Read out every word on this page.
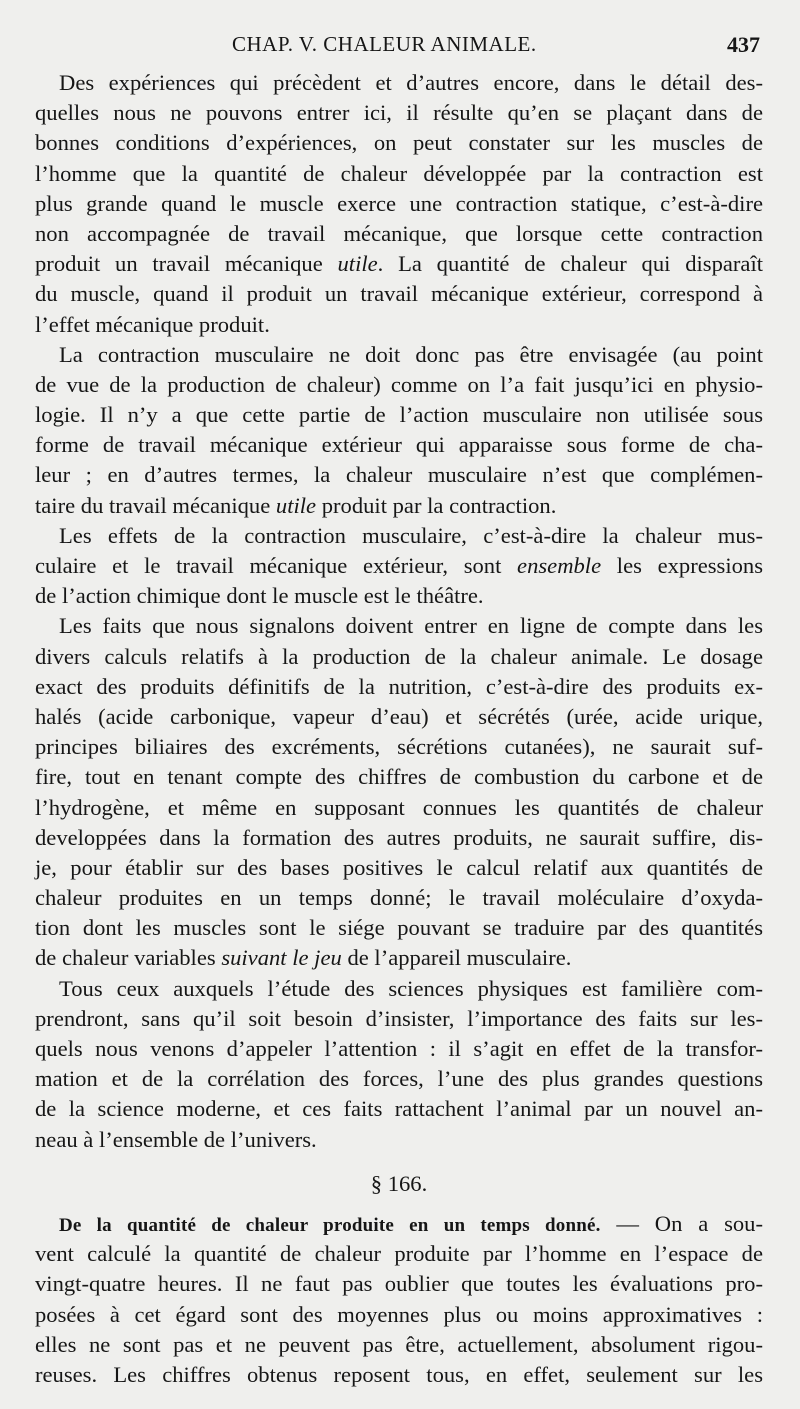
CHAP. V. CHALEUR ANIMALE.	437
Des expériences qui précèdent et d’autres encore, dans le détail des-
quelles nous ne pouvons entrer ici, il résulte qu’en se plaçant dans de
bonnes conditions d’expériences, on peut constater sur les muscles de
l’homme que la quantité de chaleur développée par la contraction est
plus grande quand le muscle exerce une contraction statique, c’est-à-dire
non accompagnée de travail mécanique, que lorsque cette contraction
produit un travail mécanique utile. La quantité de chaleur qui disparaît
du muscle, quand il produit un travail mécanique extérieur, correspond à
l’effet mécanique produit.
La contraction musculaire ne doit donc pas être envisagée (au point
de vue de la production de chaleur) comme on l’a fait jusqu’ici en physio-
logie. Il n’y a que cette partie de l’action musculaire non utilisée sous
forme de travail mécanique extérieur qui apparaisse sous forme de cha-
leur ; en d’autres termes, la chaleur musculaire n’est que complémen-
taire du travail mécanique utile produit par la contraction.
Les effets de la contraction musculaire, c’est-à-dire la chaleur mus-
culaire et le travail mécanique extérieur, sont ensemble les expressions
de l’action chimique dont le muscle est le théâtre.
Les faits que nous signalons doivent entrer en ligne de compte dans les
divers calculs relatifs à la production de la chaleur animale. Le dosage
exact des produits définitifs de la nutrition, c’est-à-dire des produits ex-
halés (acide carbonique, vapeur d’eau) et sécrétés (urée, acide urique,
principes biliaires des excréments, sécrétions cutanées), ne saurait suf-
fire, tout en tenant compte des chiffres de combustion du carbone et de
l’hydrogène, et même en supposant connues les quantités de chaleur
developpées dans la formation des autres produits, ne saurait suffire, dis-
je, pour établir sur des bases positives le calcul relatif aux quantités de
chaleur produites en un temps donné; le travail moléculaire d’oxyda-
tion dont les muscles sont le siége pouvant se traduire par des quantités
de chaleur variables suivant le jeu de l’appareil musculaire.
Tous ceux auxquels l’étude des sciences physiques est familière com-
prendront, sans qu’il soit besoin d’insister, l’importance des faits sur les-
quels nous venons d’appeler l’attention : il s’agit en effet de la transfor-
mation et de la corrélation des forces, l’une des plus grandes questions
de la science moderne, et ces faits rattachent l’animal par un nouvel an-
neau à l’ensemble de l’univers.
§ 166.
De la quantité de chaleur produite en un temps donné. — On a sou-
vent calculé la quantité de chaleur produite par l’homme en l’espace de
vingt-quatre heures. Il ne faut pas oublier que toutes les évaluations pro-
posées à cet égard sont des moyennes plus ou moins approximatives :
elles ne sont pas et ne peuvent pas être, actuellement, absolument rigou-
reuses. Les chiffres obtenus reposent tous, en effet, seulement sur les
